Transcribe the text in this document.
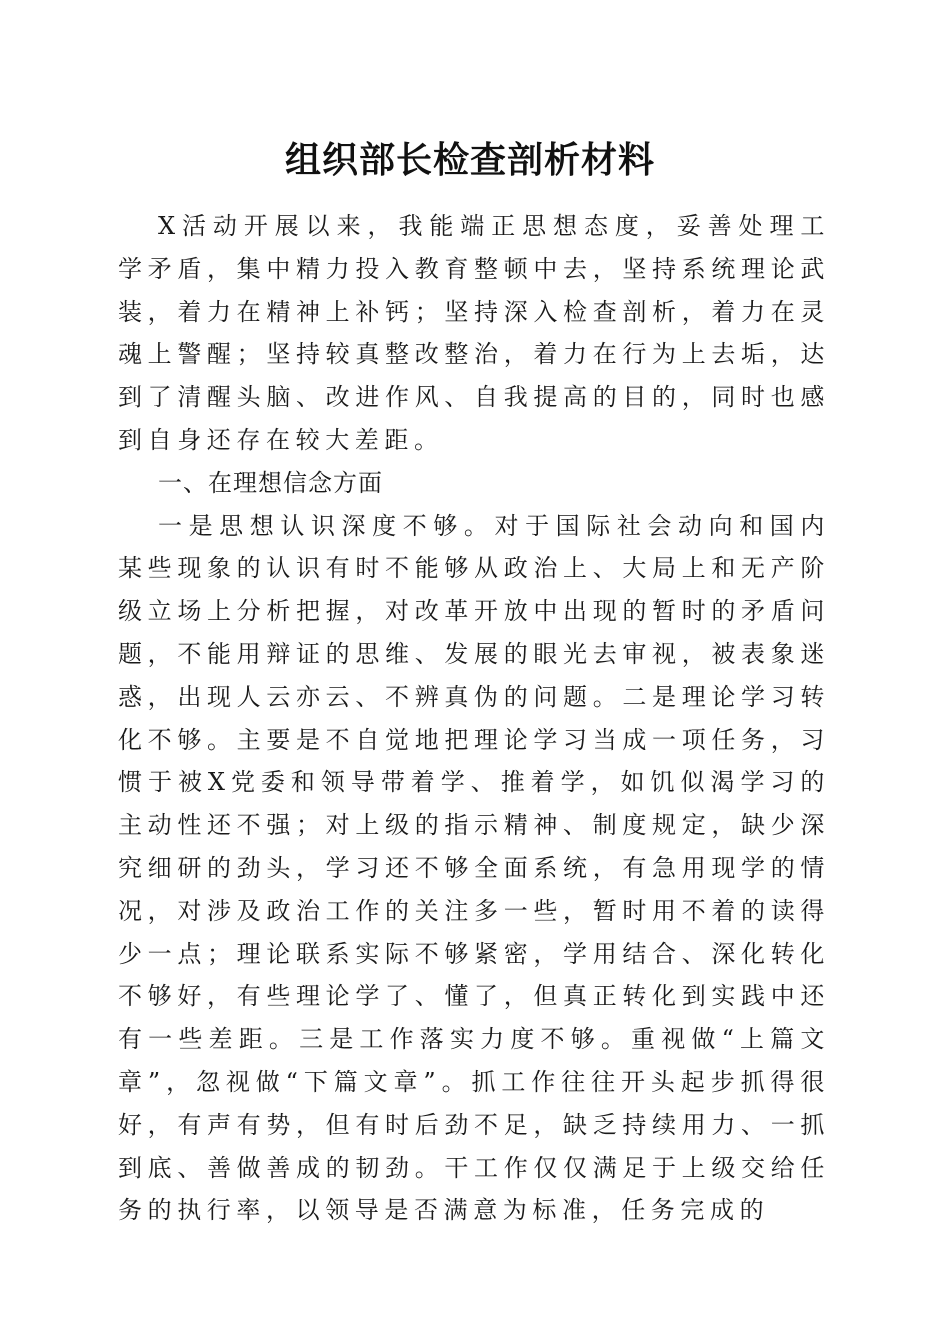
组织部长检查剖析材料

X活动开展以来，我能端正思想态度，妥善处理工学矛盾，集中精力投入教育整顿中去，坚持系统理论武装，着力在精神上补钙；坚持深入检查剖析，着力在灵魂上警醒；坚持较真整改整治，着力在行为上去垢，达到了清醒头脑、改进作风、自我提高的目的，同时也感到自身还存在较大差距。

一、在理想信念方面

一是思想认识深度不够。对于国际社会动向和国内某些现象的认识有时不能够从政治上、大局上和无产阶级立场上分析把握，对改革开放中出现的暂时的矛盾问题，不能用辩证的思维、发展的眼光去审视，被表象迷惑，出现人云亦云、不辨真伪的问题。二是理论学习转化不够。主要是不自觉地把理论学习当成一项任务，习惯于被X党委和领导带着学、推着学，如饥似渴学习的主动性还不强；对上级的指示精神、制度规定，缺少深究细研的劲头，学习还不够全面系统，有急用现学的情况，对涉及政治工作的关注多一些，暂时用不着的读得少一点；理论联系实际不够紧密，学用结合、深化转化不够好，有些理论学了、懂了，但真正转化到实践中还有一些差距。三是工作落实力度不够。重视做“上篇文章”，忽视做“下篇文章”。抓工作往往开头起步抓得很好，有声有势，但有时后劲不足，缺乏持续用力、一抓到底、善做善成的韧劲。干工作仅仅满足于上级交给任务的执行率，以领导是否满意为标准，任务完成的
